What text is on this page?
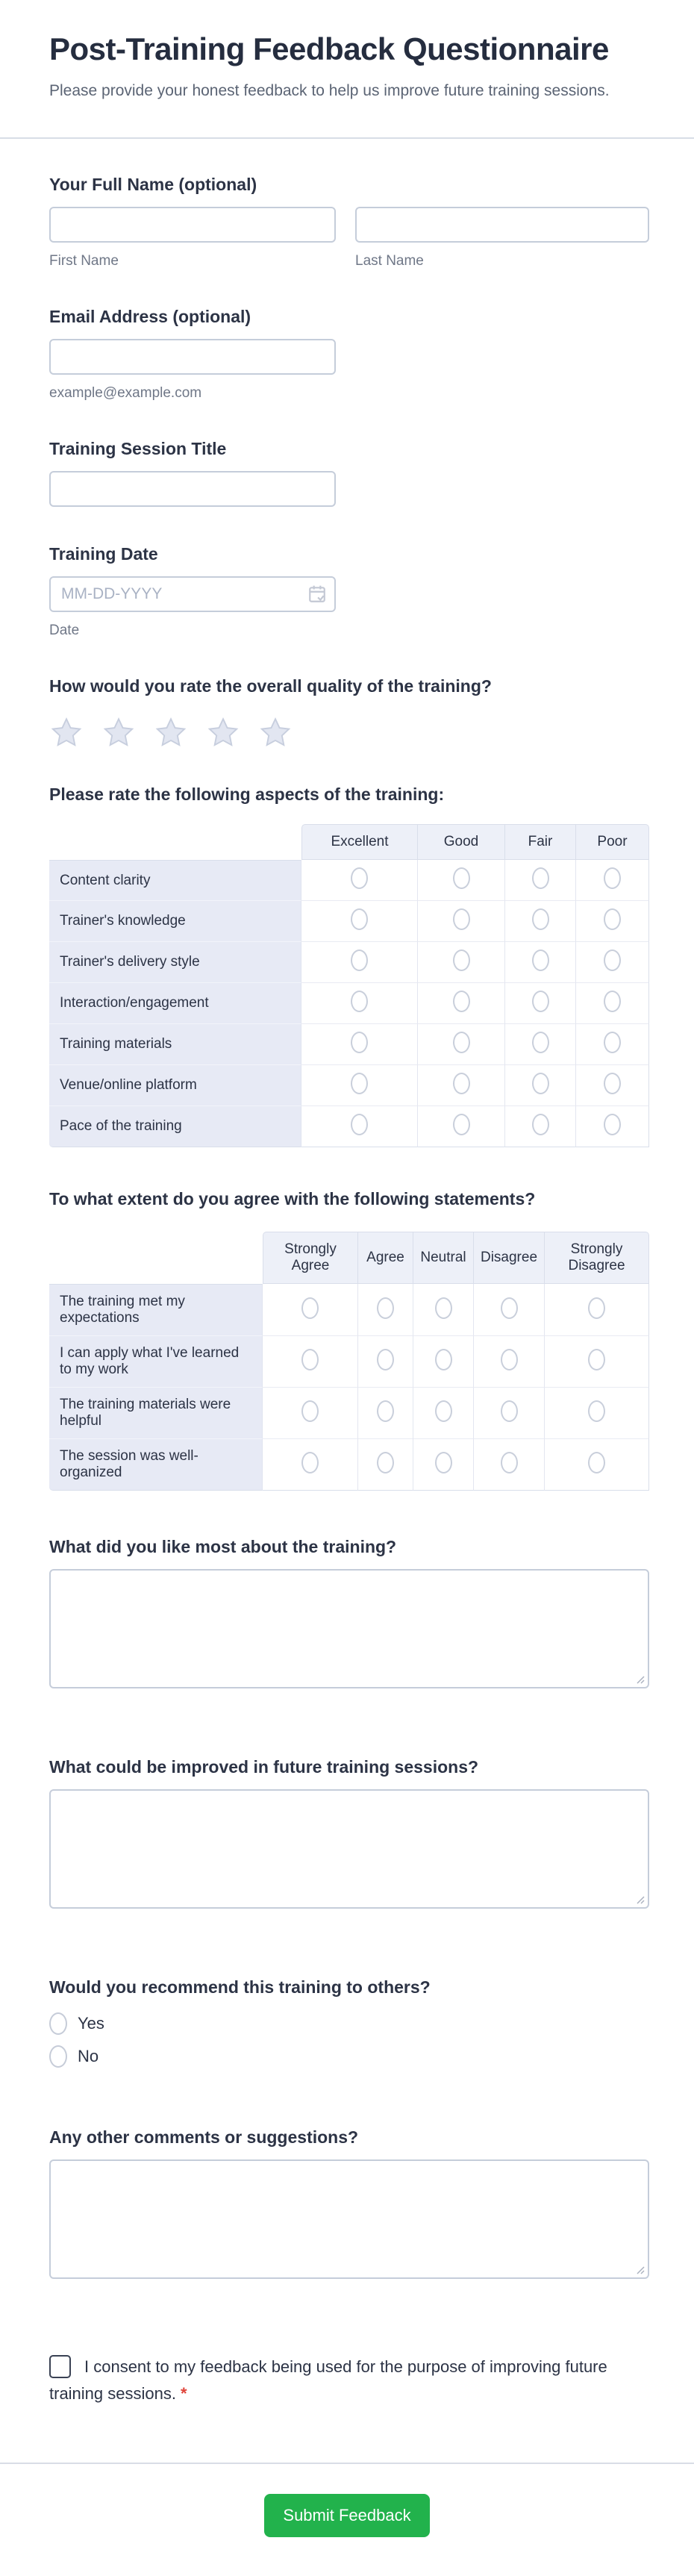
Post-Training Feedback Questionnaire

Please provide your honest feedback to help us improve future training sessions.

Your Full Name (optional)
First Name	Last Name
Email Address (optional)
example@example.com
Training Session Title
Training Date
MM-DD-YYYY
Date
How would you rate the overall quality of the training?
Please rate the following aspects of the training:
	Excellent	Good	Fair	Poor
Content clarity				
Trainer's knowledge				
Trainer's delivery style				
Interaction/engagement				
Training materials				
Venue/online platform				
Pace of the training				
To what extent do you agree with the following statements?
	Strongly Agree	Agree	Neutral	Disagree	Strongly Disagree
The training met my expectations					
I can apply what I've learned to my work					
The training materials were helpful					
The session was well-organized					
What did you like most about the training?
What could be improved in future training sessions?
Would you recommend this training to others?
Yes
No
Any other comments or suggestions?
I consent to my feedback being used for the purpose of improving future training sessions. *
Submit Feedback
